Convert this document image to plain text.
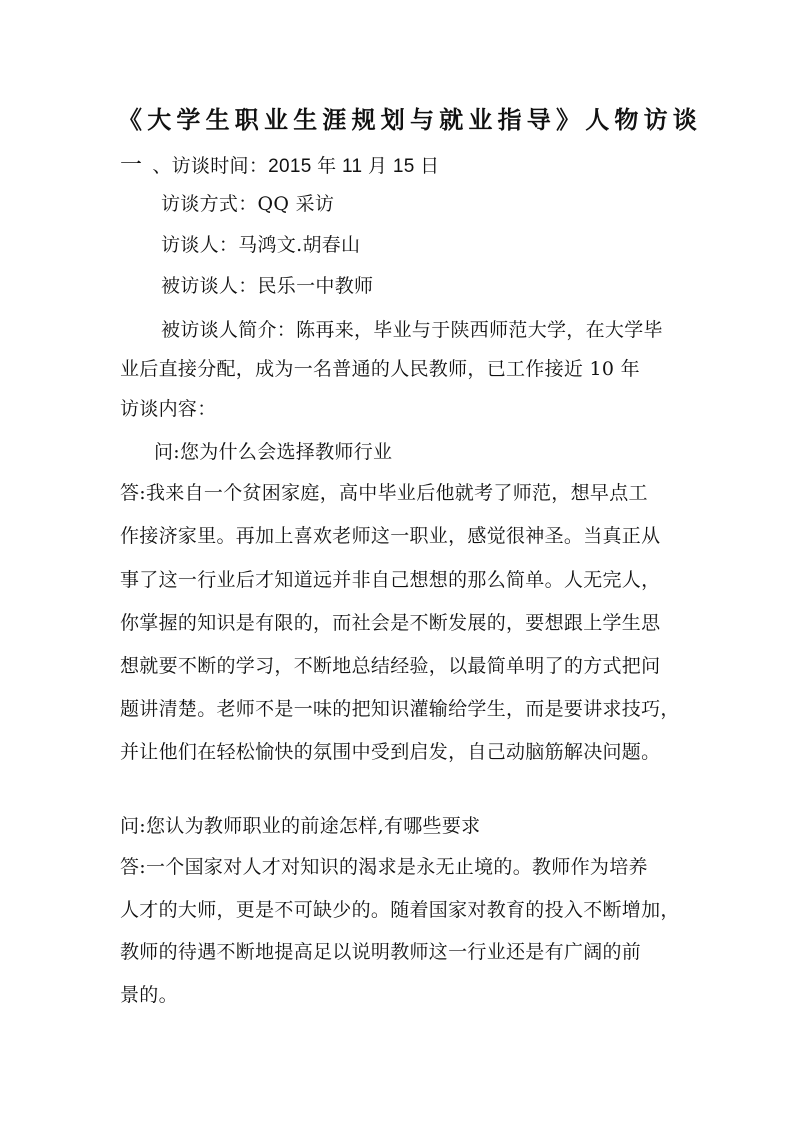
《大学生职业生涯规划与就业指导》人物访谈
一 、访谈时间：2015 年 11 月 15 日
访谈方式：QQ 采访
访谈人：马鸿文.胡春山
被访谈人：民乐一中教师
被访谈人简介：陈再来，毕业与于陕西师范大学，在大学毕
业后直接分配，成为一名普通的人民教师，已工作接近 10 年
访谈内容：
问:您为什么会选择教师行业
答:我来自一个贫困家庭，高中毕业后他就考了师范，想早点工
作接济家里。再加上喜欢老师这一职业，感觉很神圣。当真正从
事了这一行业后才知道远并非自己想想的那么简单。人无完人，
你掌握的知识是有限的，而社会是不断发展的，要想跟上学生思
想就要不断的学习，不断地总结经验，以最简单明了的方式把问
题讲清楚。老师不是一味的把知识灌输给学生，而是要讲求技巧，
并让他们在轻松愉快的氛围中受到启发，自己动脑筋解决问题。
问:您认为教师职业的前途怎样,有哪些要求
答:一个国家对人才对知识的渴求是永无止境的。教师作为培养
人才的大师，更是不可缺少的。随着国家对教育的投入不断增加，
教师的待遇不断地提高足以说明教师这一行业还是有广阔的前
景的。
